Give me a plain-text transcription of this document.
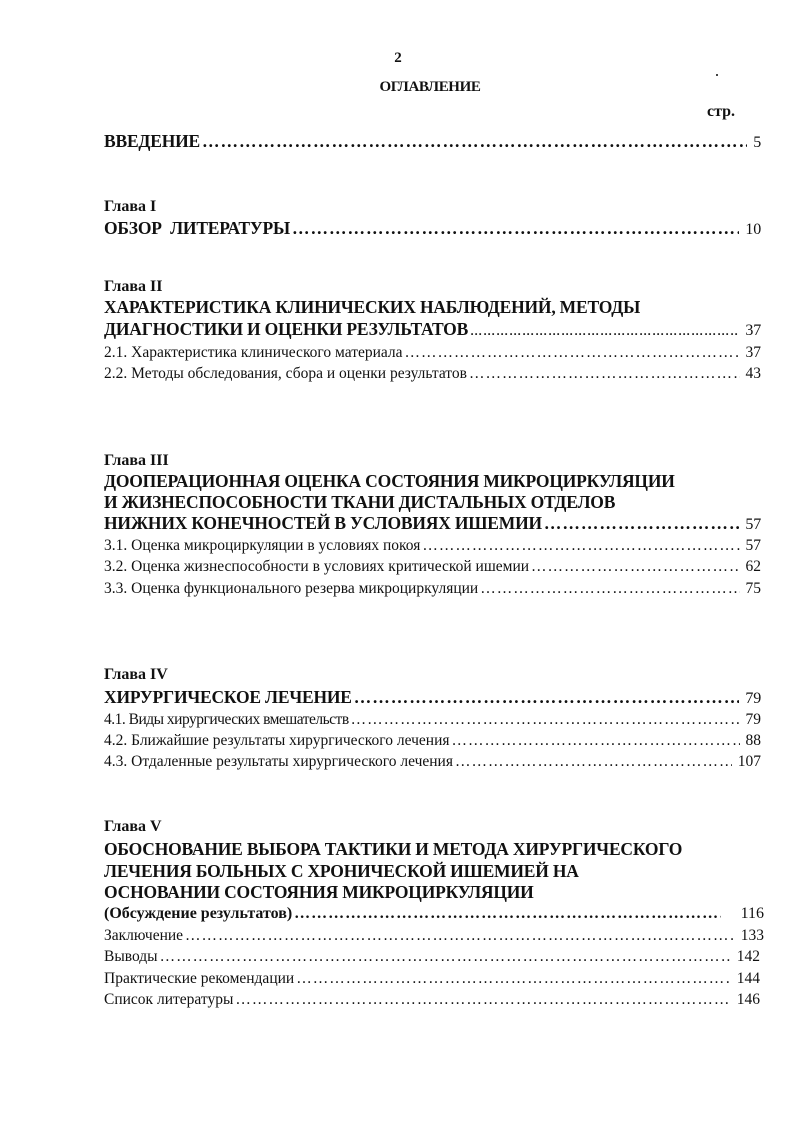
2
ОГЛАВЛЕНИЕ
стр.
ВВЕДЕНИЕ …………………………………………………………………………………………………………………………………………………………………………………………………	5
Глава I
ОБЗОР  ЛИТЕРАТУРЫ …………………………………………………………………………………………………………………………………………………………………………………………………	10
Глава II
ХАРАКТЕРИСТИКА КЛИНИЧЕСКИХ НАБЛЮДЕНИЙ, МЕТОДЫ
ДИАГНОСТИКИ И ОЦЕНКИ РЕЗУЛЬТАТОВ …………………………………………………………………………………………………………………………………………………………………………………………………	37
2.1. Характеристика клинического материала …………………………………………………………………………………………………………………………………………………………………………………………………	37
2.2. Методы обследования, сбора и оценки результатов …………………………………………………………………………………………………………………………………………………………………………………………………	43
Глава III
ДООПЕРАЦИОННАЯ ОЦЕНКА СОСТОЯНИЯ МИКРОЦИРКУЛЯЦИИ
И ЖИЗНЕСПОСОБНОСТИ ТКАНИ ДИСТАЛЬНЫХ ОТДЕЛОВ
НИЖНИХ КОНЕЧНОСТЕЙ В УСЛОВИЯХ ИШЕМИИ …………………………………………………………………………………………………………………………………………………………………………………………………	57
3.1. Оценка микроциркуляции в условиях покоя …………………………………………………………………………………………………………………………………………………………………………………………………	57
3.2. Оценка жизнеспособности в условиях критической ишемии …………………………………………………………………………………………………………………………………………………………………………………………………	62
3.3. Оценка функционального резерва микроциркуляции …………………………………………………………………………………………………………………………………………………………………………………………………	75
Глава IV
ХИРУРГИЧЕСКОЕ ЛЕЧЕНИЕ …………………………………………………………………………………………………………………………………………………………………………………………………	79
4.1. Виды хирургических вмешательств …………………………………………………………………………………………………………………………………………………………………………………………………	79
4.2. Ближайшие результаты хирургического лечения …………………………………………………………………………………………………………………………………………………………………………………………………	88
4.3. Отдаленные результаты хирургического лечения …………………………………………………………………………………………………………………………………………………………………………………………………	107
Глава V
ОБОСНОВАНИЕ ВЫБОРА ТАКТИКИ И МЕТОДА ХИРУРГИЧЕСКОГО
ЛЕЧЕНИЯ БОЛЬНЫХ С ХРОНИЧЕСКОЙ ИШЕМИЕЙ НА
ОСНОВАНИИ СОСТОЯНИЯ МИКРОЦИРКУЛЯЦИИ
(Обсуждение результатов) …………………………………………………………………………………………………………………………………………………………………………………………………	116
Заключение …………………………………………………………………………………………………………………………………………………………………………………………………	133
Выводы …………………………………………………………………………………………………………………………………………………………………………………………………	142
Практические рекомендации …………………………………………………………………………………………………………………………………………………………………………………………………	144
Список литературы …………………………………………………………………………………………………………………………………………………………………………………………………	146
